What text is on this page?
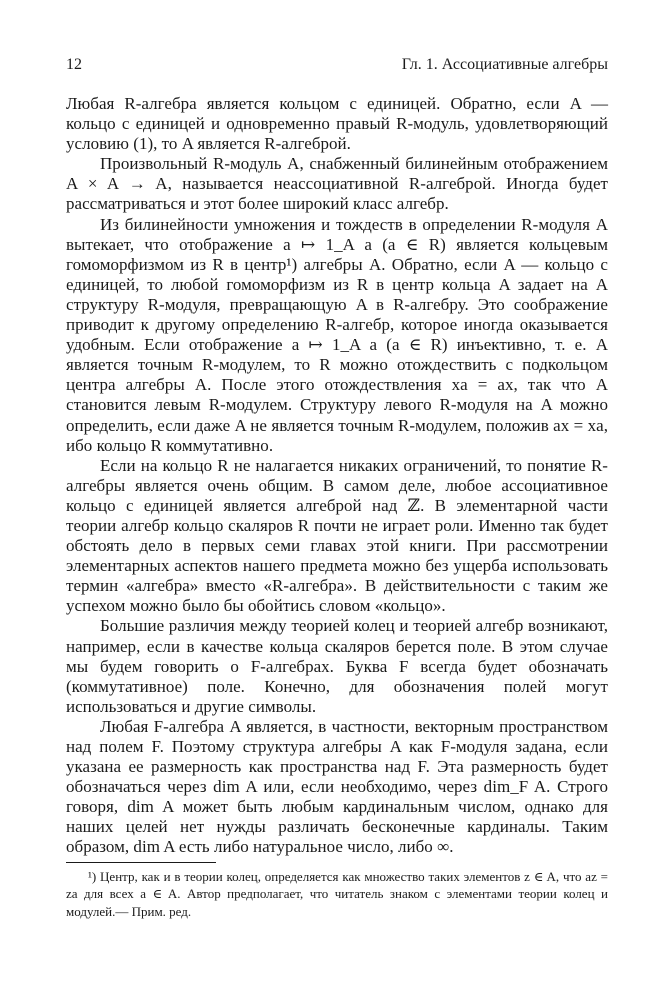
12	Гл. 1. Ассоциативные алгебры

Любая R-алгебра является кольцом с единицей. Обратно, если A — кольцо с единицей и одновременно правый R-модуль, удовлетворяющий условию (1), то A является R-алгеброй.

Произвольный R-модуль A, снабженный билинейным отображением A × A → A, называется неассоциативной R-алгеброй. Иногда будет рассматриваться и этот более широкий класс алгебр.

Из билинейности умножения и тождеств в определении R-модуля A вытекает, что отображение a ↦ 1_A a (a ∈ R) является кольцевым гомоморфизмом из R в центр¹) алгебры A. Обратно, если A — кольцо с единицей, то любой гомоморфизм из R в центр кольца A задает на A структуру R-модуля, превращающую A в R-алгебру. Это соображение приводит к другому определению R-алгебр, которое иногда оказывается удобным. Если отображение a ↦ 1_A a (a ∈ R) инъективно, т. е. A является точным R-модулем, то R можно отождествить с подкольцом центра алгебры A. После этого отождествления xa = ax, так что A становится левым R-модулем. Структуру левого R-модуля на A можно определить, если даже A не является точным R-модулем, положив ax = xa, ибо кольцо R коммутативно.

Если на кольцо R не налагается никаких ограничений, то понятие R-алгебры является очень общим. В самом деле, любое ассоциативное кольцо с единицей является алгеброй над ℤ. В элементарной части теории алгебр кольцо скаляров R почти не играет роли. Именно так будет обстоять дело в первых семи главах этой книги. При рассмотрении элементарных аспектов нашего предмета можно без ущерба использовать термин «алгебра» вместо «R-алгебра». В действительности с таким же успехом можно было бы обойтись словом «кольцо».

Большие различия между теорией колец и теорией алгебр возникают, например, если в качестве кольца скаляров берется поле. В этом случае мы будем говорить о F-алгебрах. Буква F всегда будет обозначать (коммутативное) поле. Конечно, для обозначения полей могут использоваться и другие символы.

Любая F-алгебра A является, в частности, векторным пространством над полем F. Поэтому структура алгебры A как F-модуля задана, если указана ее размерность как пространства над F. Эта размерность будет обозначаться через dim A или, если необходимо, через dim_F A. Строго говоря, dim A может быть любым кардинальным числом, однако для наших целей нет нужды различать бесконечные кардиналы. Таким образом, dim A есть либо натуральное число, либо ∞.

¹) Центр, как и в теории колец, определяется как множество таких элементов z ∈ A, что az = za для всех a ∈ A. Автор предполагает, что читатель знаком с элементами теории колец и модулей.— Прим. ред.
